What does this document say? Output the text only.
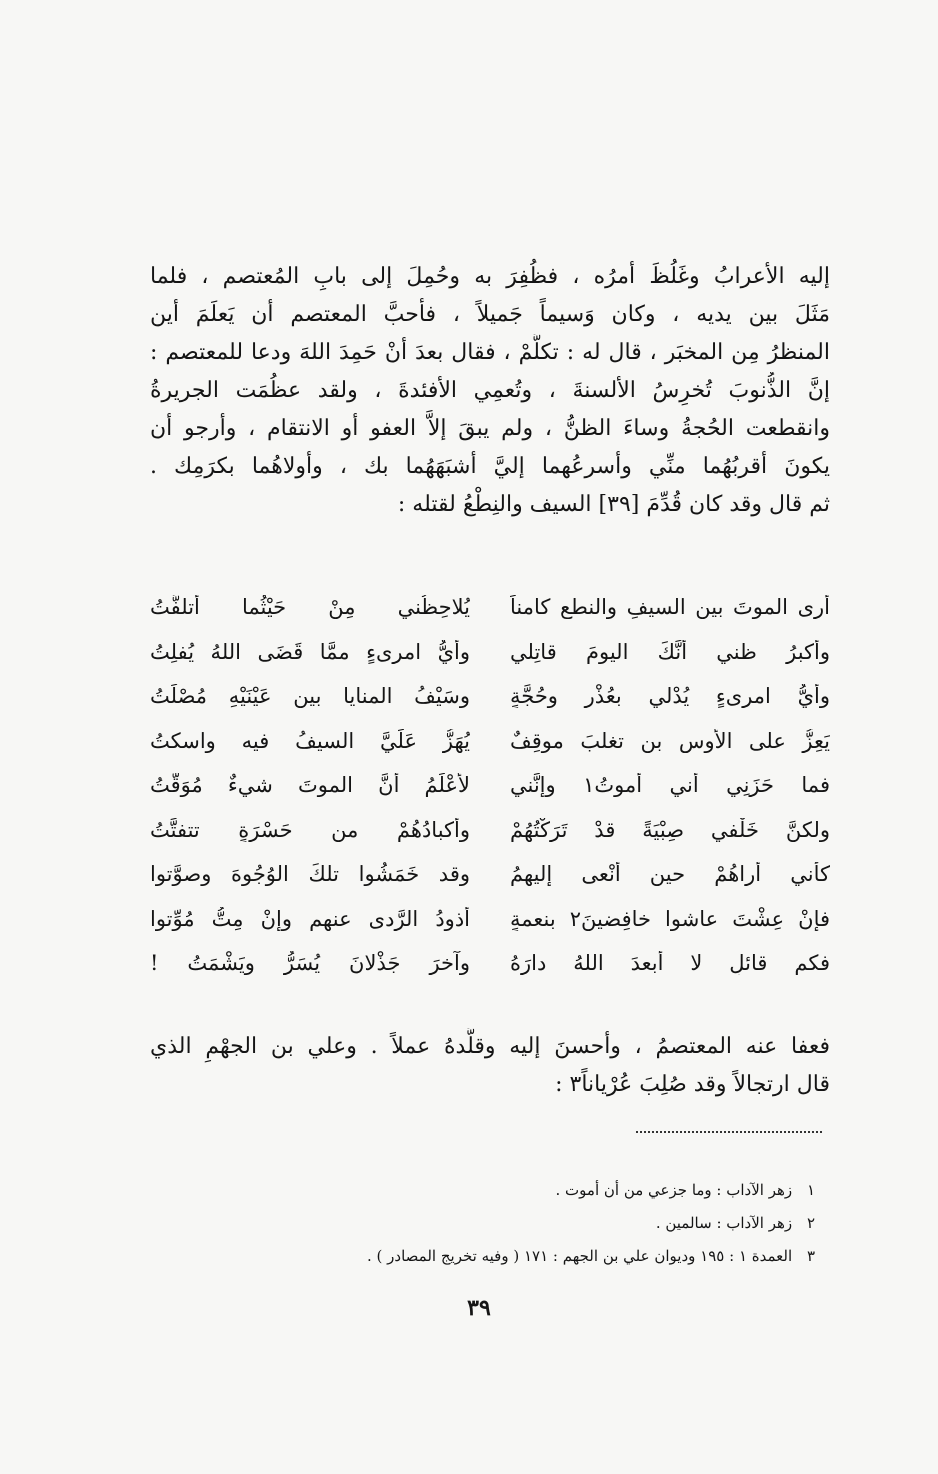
إليه الأعرابُ وغَلُظَ أمرُه ، فظُفِرَ به وحُمِلَ إلى بابِ المُعتصم ، فلما
مَثَلَ بين يديه ، وكان وَسيماً جَميلاً ، فأحبَّ المعتصم أن يَعلَمَ أين
المنظرُ مِن المخبَر ، قال له : تكلَّمْ ، فقال بعدَ أنْ حَمِدَ اللهَ ودعا للمعتصم :
إنَّ الذُّنوبَ تُخرِسُ الألسنةَ ، وتُعمِي الأفئدةَ ، ولقد عظُمَت الجريرةُ
وانقطعت الحُجةُ وساءَ الظنُّ ، ولم يبقَ إلاَّ العفو أو الانتقام ، وأرجو أن
يكونَ أقربُهُما منِّي وأسرعُهما إليَّ أشبَهَهُما بك ، وأولاهُما بكرَمِك .
ثم قال وقد كان قُدِّمَ [٣٩] السيف والنِطْعُ لقتله :
أرى الموتَ بين السيفِ والنطعِ كامناً
يُلاحِظُني مِنْ حَيْثُما أتلفَّتُ
وأكبرُ ظني أنَّكَ اليومَ قاتِلي
وأيُّ امرىءٍ ممَّا قَضَى اللهُ يُفلِتُ
وأيُّ امرىءٍ يُدْلي بعُذْرٍ وحُجَّةٍ
وسَيْفُ المنايا بين عَيْنَيْهِ مُصْلَتُ
يَعِزُّ على الأوسِ بن تغلبَ موقِفٌ
يُهَزُّ عَلَيَّ السيفُ فيه واسكتُ
فما حَزَنِي أني أموتُ١ وإنَّني
لأعْلَمُ أنَّ الموتَ شيءٌ مُوَقَّتُ
ولكنَّ خَلْفي صِبْيَةً قدْ تَرَكْتُهُمْ
وأكبادُهُمْ من حَسْرَةٍ تتفتَّتُ
كأني أراهُمْ حين أُنْعى إليهمُ
وقد خَمَشُوا تلكَ الوُجُوهَ وصوَّتوا
فإنْ عِشْتَ عاشوا خافِضينَ٢ بنعمةٍ
أذودُ الرَّدى عنهم وإنْ مِتُّ مُوِّتوا
فكم قائلٍ لا أبعدَ اللهُ دارَهُ
وآخرَ جَذْلانَ يُسَرُّ ويَشْمَتُ !
فعفا عنه المعتصمُ ، وأحسنَ إليه وقلَّدهُ عملاً . وعلي بن الجهْمِ الذي
قال ارتجالاً وقد صُلِبَ عُرْياناً٣ :
١ زهر الآداب : وما جزعي من أن أموت .
٢ زهر الآداب : سالمين .
٣ العمدة ١ : ١٩٥ وديوان علي بن الجهم : ١٧١ ( وفيه تخريج المصادر ) .
٣٩
